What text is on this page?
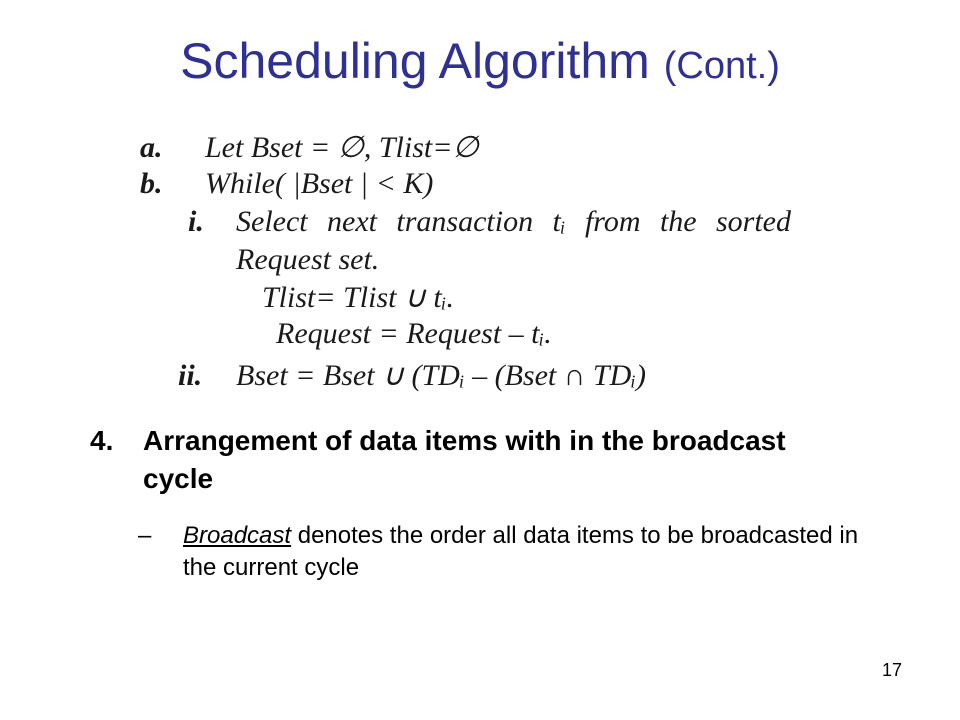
Scheduling Algorithm (Cont.)
a. Let Bset = ∅, Tlist=∅
b. While( |Bset | < K)
i. Select next transaction tᵢ from the sorted
Request set.
Tlist= Tlist ∪ tᵢ.
Request = Request – tᵢ.
ii. Bset = Bset ∪ (TDᵢ – (Bset ∩ TDᵢ)
4. Arrangement of data items with in the broadcast cycle
– Broadcast denotes the order all data items to be broadcasted in the current cycle
17
